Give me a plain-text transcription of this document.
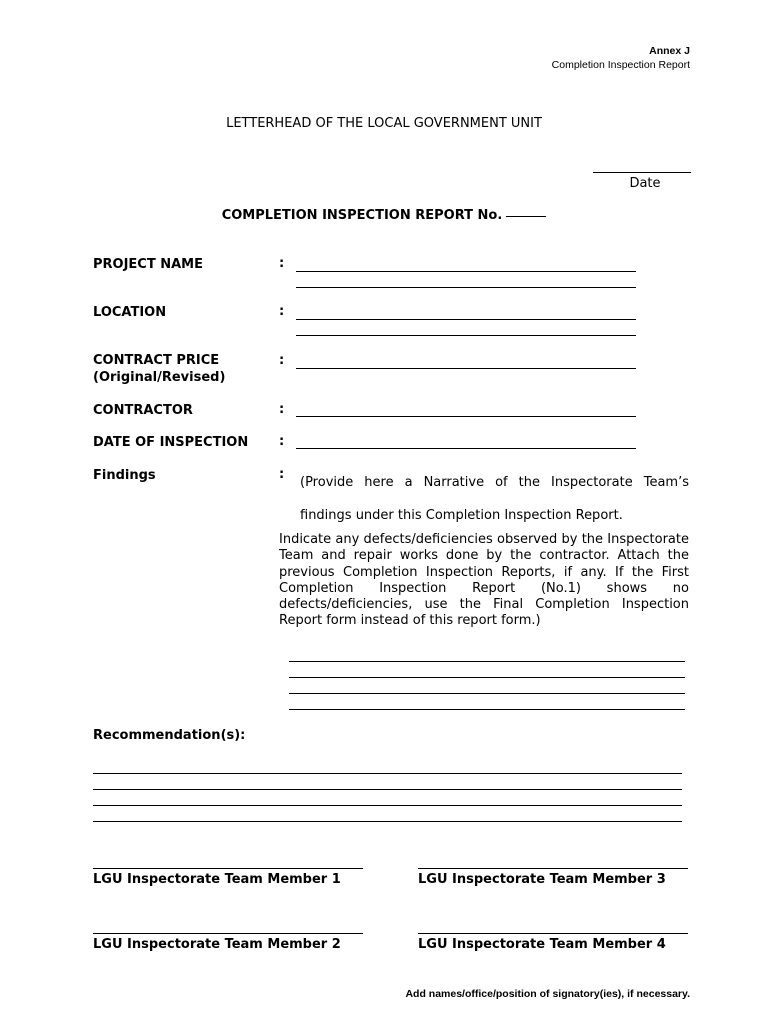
Annex J
Completion Inspection Report
LETTERHEAD OF THE LOCAL GOVERNMENT UNIT
Date
COMPLETION INSPECTION REPORT No.
PROJECT NAME	:
LOCATION	:
CONTRACT PRICE
(Original/Revised)
:
CONTRACTOR	:
DATE OF INSPECTION :
Findings	:
(Provide here a Narrative of the Inspectorate Team’s findings under this Completion Inspection Report.
Indicate any defects/deficiencies observed by the Inspectorate Team and repair works done by the contractor. Attach the previous Completion Inspection Reports, if any. If the First Completion Inspection Report (No.1) shows no defects/deficiencies, use the Final Completion Inspection Report form instead of this report form.)
Recommendation(s):
LGU Inspectorate Team Member 1	LGU Inspectorate Team Member 3
LGU Inspectorate Team Member 2	LGU Inspectorate Team Member 4
Add names/office/position of signatory(ies), if necessary.
